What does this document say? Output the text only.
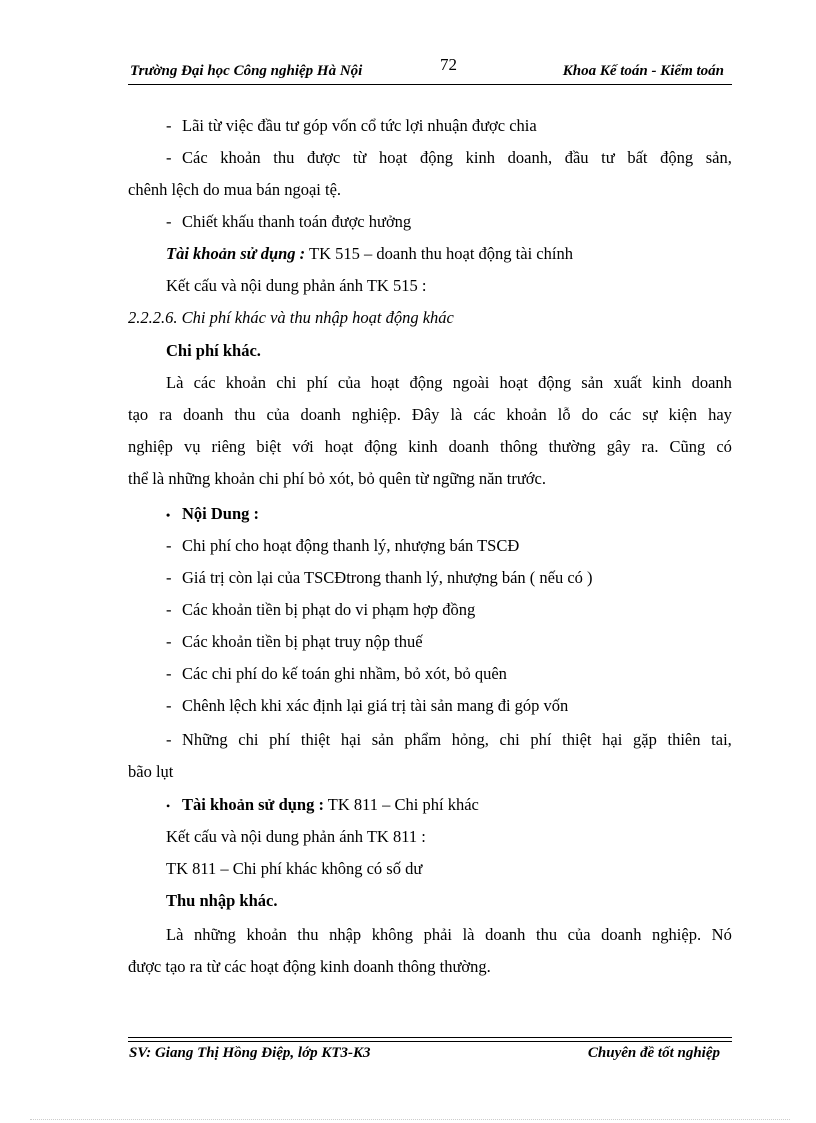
Trường Đại học Công nghiệp Hà Nội	72	Khoa Kế toán - Kiểm toán
- Lãi từ việc đầu tư góp vốn cổ tức lợi nhuận được chia
- Các khoản thu được từ hoạt động kinh doanh, đầu tư bất động sản,
chênh lệch do mua bán ngoại tệ.
- Chiết khấu thanh toán được hưởng
Tài khoản sử dụng : TK 515 – doanh thu hoạt động tài chính
Kết cấu và nội dung phản ánh TK 515 :
2.2.2.6. Chi phí khác và thu nhập hoạt động khác
Chi phí khác.
Là các khoản chi phí của hoạt động ngoài hoạt động sản xuất kinh doanh
tạo ra doanh thu của doanh nghiệp. Đây là các khoản lỗ do các sự kiện hay
nghiệp vụ riêng biệt với hoạt động kinh doanh thông thường gây ra. Cũng có
thể là những khoản chi phí bỏ xót, bỏ quên từ ngững năn trước.
• Nội Dung :
- Chi phí cho hoạt động thanh lý, nhượng bán TSCĐ
- Giá trị còn lại của TSCĐtrong thanh lý, nhượng bán ( nếu có )
- Các khoản tiền bị phạt do vi phạm hợp đồng
- Các khoản tiền bị phạt truy nộp thuế
- Các chi phí do kế toán ghi nhầm, bỏ xót, bỏ quên
- Chênh lệch khi xác định lại giá trị tài sản mang đi góp vốn
- Những chi phí thiệt hại sản phẩm hỏng, chi phí thiệt hại gặp thiên tai,
bão lụt
• Tài khoản sử dụng : TK 811 – Chi phí khác
Kết cấu và nội dung phản ánh TK 811 :
TK 811 – Chi phí khác không có số dư
Thu nhập khác.
Là những khoản thu nhập không phải là doanh thu của doanh nghiệp. Nó
được tạo ra từ các hoạt động kinh doanh thông thường.
SV: Giang Thị Hồng Điệp, lớp KT3-K3	Chuyên đề tốt nghiệp
